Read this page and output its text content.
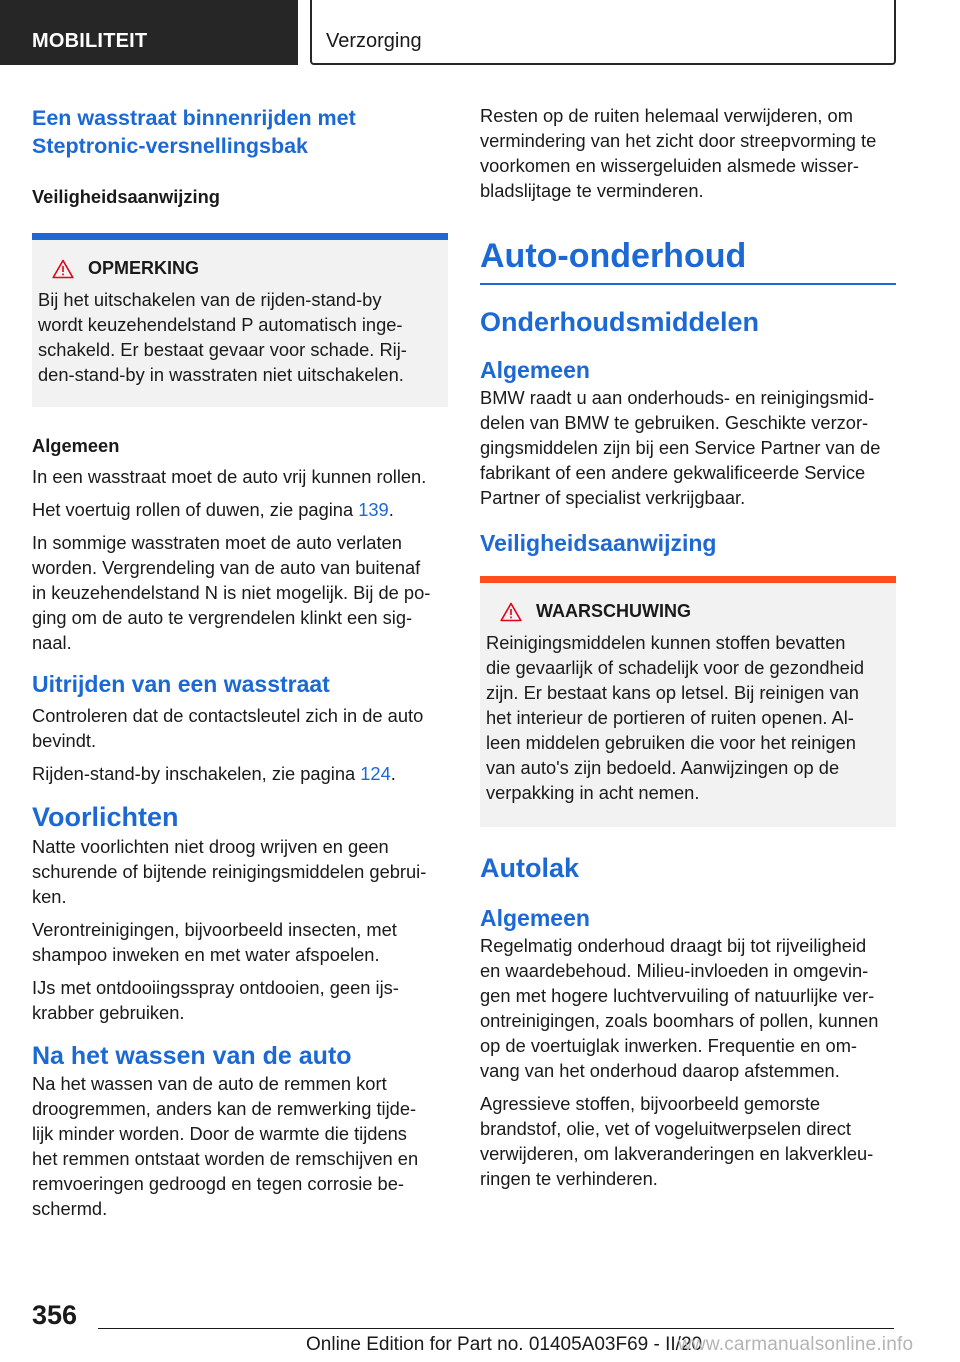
MOBILITEIT	Verzorging
Een wasstraat binnenrijden met
Steptronic-versnellingsbak
Veiligheidsaanwijzing
OPMERKING
Bij het uitschakelen van de rijden-stand-by
wordt keuzehendelstand P automatisch inge-
schakeld. Er bestaat gevaar voor schade. Rij-
den-stand-by in wasstraten niet uitschakelen.
Algemeen
In een wasstraat moet de auto vrij kunnen rollen.
Het voertuig rollen of duwen, zie pagina 139.
In sommige wasstraten moet de auto verlaten
worden. Vergrendeling van de auto van buitenaf
in keuzehendelstand N is niet mogelijk. Bij de po-
ging om de auto te vergrendelen klinkt een sig-
naal.
Uitrijden van een wasstraat
Controleren dat de contactsleutel zich in de auto
bevindt.
Rijden-stand-by inschakelen, zie pagina 124.
Voorlichten
Natte voorlichten niet droog wrijven en geen
schurende of bijtende reinigingsmiddelen gebrui-
ken.
Verontreinigingen, bijvoorbeeld insecten, met
shampoo inweken en met water afspoelen.
IJs met ontdooiingsspray ontdooien, geen ijs-
krabber gebruiken.
Na het wassen van de auto
Na het wassen van de auto de remmen kort
droogremmen, anders kan de remwerking tijde-
lijk minder worden. Door de warmte die tijdens
het remmen ontstaat worden de remschijven en
remvoeringen gedroogd en tegen corrosie be-
schermd.
Resten op de ruiten helemaal verwijderen, om
vermindering van het zicht door streepvorming te
voorkomen en wissergeluiden alsmede wisser-
bladslijtage te verminderen.
Auto-onderhoud
Onderhoudsmiddelen
Algemeen
BMW raadt u aan onderhouds- en reinigingsmid-
delen van BMW te gebruiken. Geschikte verzor-
gingsmiddelen zijn bij een Service Partner van de
fabrikant of een andere gekwalificeerde Service
Partner of specialist verkrijgbaar.
Veiligheidsaanwijzing
WAARSCHUWING
Reinigingsmiddelen kunnen stoffen bevatten
die gevaarlijk of schadelijk voor de gezondheid
zijn. Er bestaat kans op letsel. Bij reinigen van
het interieur de portieren of ruiten openen. Al-
leen middelen gebruiken die voor het reinigen
van auto's zijn bedoeld. Aanwijzingen op de
verpakking in acht nemen.
Autolak
Algemeen
Regelmatig onderhoud draagt bij tot rijveiligheid
en waardebehoud. Milieu-invloeden in omgevin-
gen met hogere luchtvervuiling of natuurlijke ver-
ontreinigingen, zoals boomhars of pollen, kunnen
op de voertuiglak inwerken. Frequentie en om-
vang van het onderhoud daarop afstemmen.
Agressieve stoffen, bijvoorbeeld gemorste
brandstof, olie, vet of vogeluitwerpselen direct
verwijderen, om lakveranderingen en lakverkleu-
ringen te verhinderen.
356
Online Edition for Part no. 01405A03F69 - II/20
www.carmanualsonline.info
